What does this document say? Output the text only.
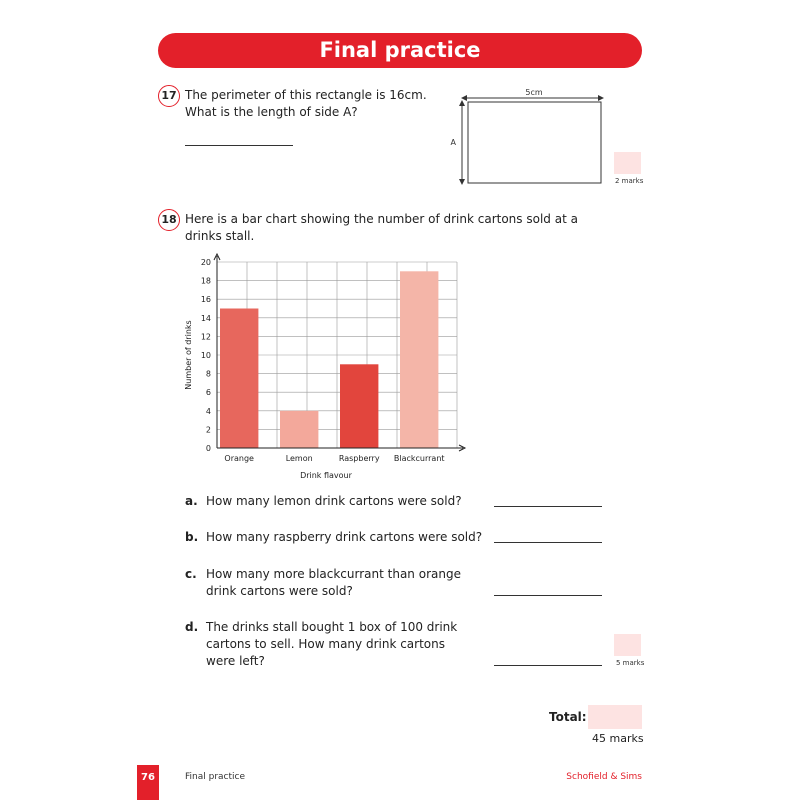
Final practice
17 The perimeter of this rectangle is 16cm.
What is the length of side A?
5cm
A
2 marks
18 Here is a bar chart showing the number of drink cartons sold at a
drinks stall.
0
2
4
6
8
10
12
14
16
18
20
Orange	Lemon	Raspberry Blackcurrant
Drink flavour
Number of drinks
a. How many lemon drink cartons were sold?
b. How many raspberry drink cartons were sold?
c. How many more blackcurrant than orange
drink cartons were sold?
d. The drinks stall bought 1 box of 100 drink
cartons to sell. How many drink cartons
were left?	5 marks
Total:
45 marks
76	Final practice	Schofield & Sims
